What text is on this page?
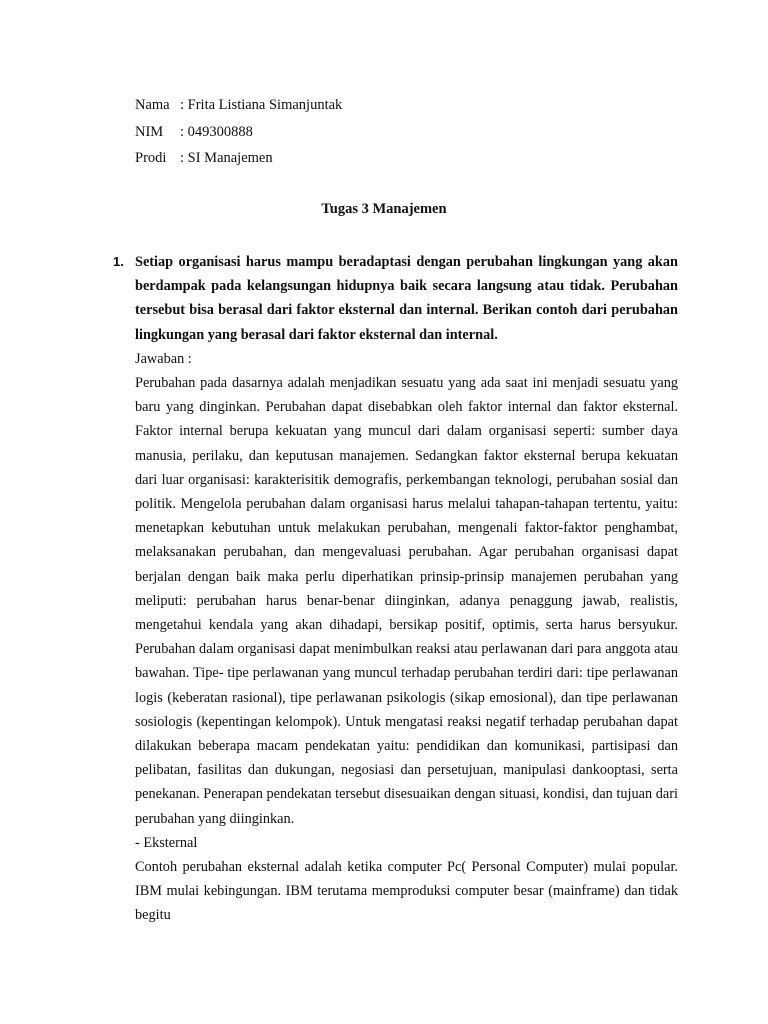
Nama : Frita Listiana Simanjuntak
NIM	: 049300888
Prodi : SI Manajemen
Tugas 3 Manajemen
1. Setiap organisasi harus mampu beradaptasi dengan perubahan lingkungan yang akan berdampak pada kelangsungan hidupnya baik secara langsung atau tidak. Perubahan tersebut bisa berasal dari faktor eksternal dan internal. Berikan contoh dari perubahan lingkungan yang berasal dari faktor eksternal dan internal.

Jawaban :
Perubahan pada dasarnya adalah menjadikan sesuatu yang ada saat ini menjadi sesuatu yang baru yang dinginkan. Perubahan dapat disebabkan oleh faktor internal dan faktor eksternal. Faktor internal berupa kekuatan yang muncul dari dalam organisasi seperti: sumber daya manusia, perilaku, dan keputusan manajemen. Sedangkan faktor eksternal berupa kekuatan dari luar organisasi: karakterisitik demografis, perkembangan teknologi, perubahan sosial dan politik. Mengelola perubahan dalam organisasi harus melalui tahapan-tahapan tertentu, yaitu: menetapkan kebutuhan untuk melakukan perubahan, mengenali faktor-faktor penghambat, melaksanakan perubahan, dan mengevaluasi perubahan. Agar perubahan organisasi dapat berjalan dengan baik maka perlu diperhatikan prinsip-prinsip manajemen perubahan yang meliputi: perubahan harus benar-benar diinginkan, adanya penaggung jawab, realistis, mengetahui kendala yang akan dihadapi, bersikap positif, optimis, serta harus bersyukur. Perubahan dalam organisasi dapat menimbulkan reaksi atau perlawanan dari para anggota atau bawahan. Tipe- tipe perlawanan yang muncul terhadap perubahan terdiri dari: tipe perlawanan logis (keberatan rasional), tipe perlawanan psikologis (sikap emosional), dan tipe perlawanan sosiologis (kepentingan kelompok). Untuk mengatasi reaksi negatif terhadap perubahan dapat dilakukan beberapa macam pendekatan yaitu: pendidikan dan komunikasi, partisipasi dan pelibatan, fasilitas dan dukungan, negosiasi dan persetujuan, manipulasi dankooptasi, serta penekanan. Penerapan pendekatan tersebut disesuaikan dengan situasi, kondisi, dan tujuan dari perubahan yang diinginkan.
- Eksternal
Contoh perubahan eksternal adalah ketika computer Pc( Personal Computer) mulai popular. IBM mulai kebingungan. IBM terutama memproduksi computer besar (mainframe) dan tidak begitu
